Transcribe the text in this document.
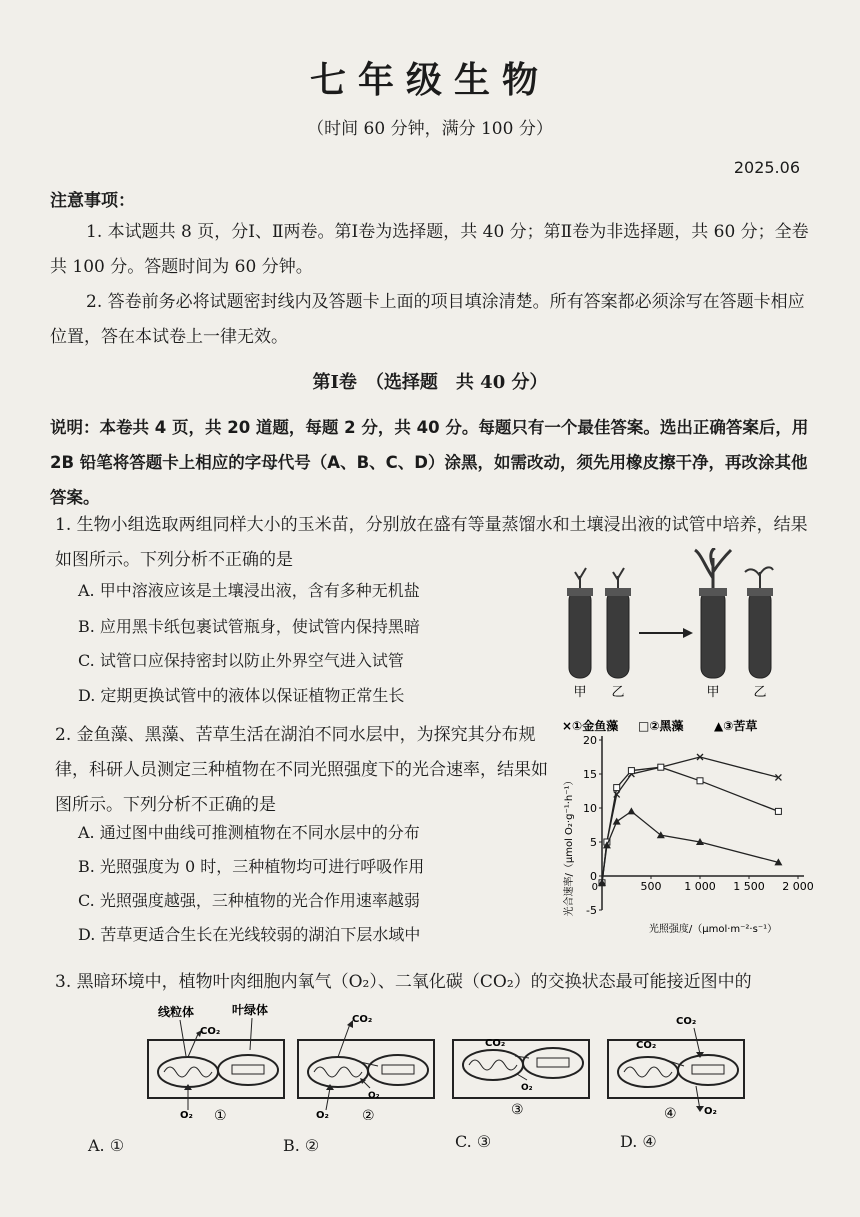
七年级生物
（时间 60 分钟，满分 100 分）
2025.06
注意事项：
1. 本试题共 8 页，分Ⅰ、Ⅱ两卷。第Ⅰ卷为选择题，共 40 分；第Ⅱ卷为非选择题，共 60 分；全卷共 100 分。答题时间为 60 分钟。
2. 答卷前务必将试题密封线内及答题卡上面的项目填涂清楚。所有答案都必须涂写在答题卡相应位置，答在本试卷上一律无效。
第Ⅰ卷　（选择题　共 40 分）
说明：本卷共 4 页，共 20 道题，每题 2 分，共 40 分。每题只有一个最佳答案。选出正确答案后，用 2B 铅笔将答题卡上相应的字母代号（A、B、C、D）涂黑，如需改动，须先用橡皮擦干净，再改涂其他答案。
1. 生物小组选取两组同样大小的玉米苗，分别放在盛有等量蒸馏水和土壤浸出液的试管中培养，结果如图所示。下列分析不正确的是
A. 甲中溶液应该是土壤浸出液，含有多种无机盐
B. 应用黑卡纸包裹试管瓶身，使试管内保持黑暗
C. 试管口应保持密封以防止外界空气进入试管
D. 定期更换试管中的液体以保证植物正常生长	甲 乙	甲	乙
2. 金鱼藻、黑藻、苦草生活在湖泊不同水层中，为探究其分布规律，科研人员测定三种植物在不同光照强度下的光合速率，结果如图所示。下列分析不正确的是
A. 通过图中曲线可推测植物在不同水层中的分布
B. 光照强度为 0 时，三种植物均可进行呼吸作用
C. 光照强度越强，三种植物的光合作用速率越弱
D. 苦草更适合生长在光线较弱的湖泊下层水域中
×①金鱼藻 □②黑藻	▲③苦草
光合速率/（μmol O₂·g⁻¹·h⁻¹）
光照强度/（μmol·m⁻²·s⁻¹）
-5
0
5
10
15
20
500 1 000 1 500 2 000
0
3. 黑暗环境中，植物叶肉细胞内氧气（O₂）、二氧化碳（CO₂）的交换状态最可能接近图中的
线粒体	叶绿体
CO₂
O₂ ①
CO₂
O₂
O₂ ②
CO₂
O₂
③
CO₂
CO₂
O₂
④
A. ①	B. ②	C. ③	D. ④
